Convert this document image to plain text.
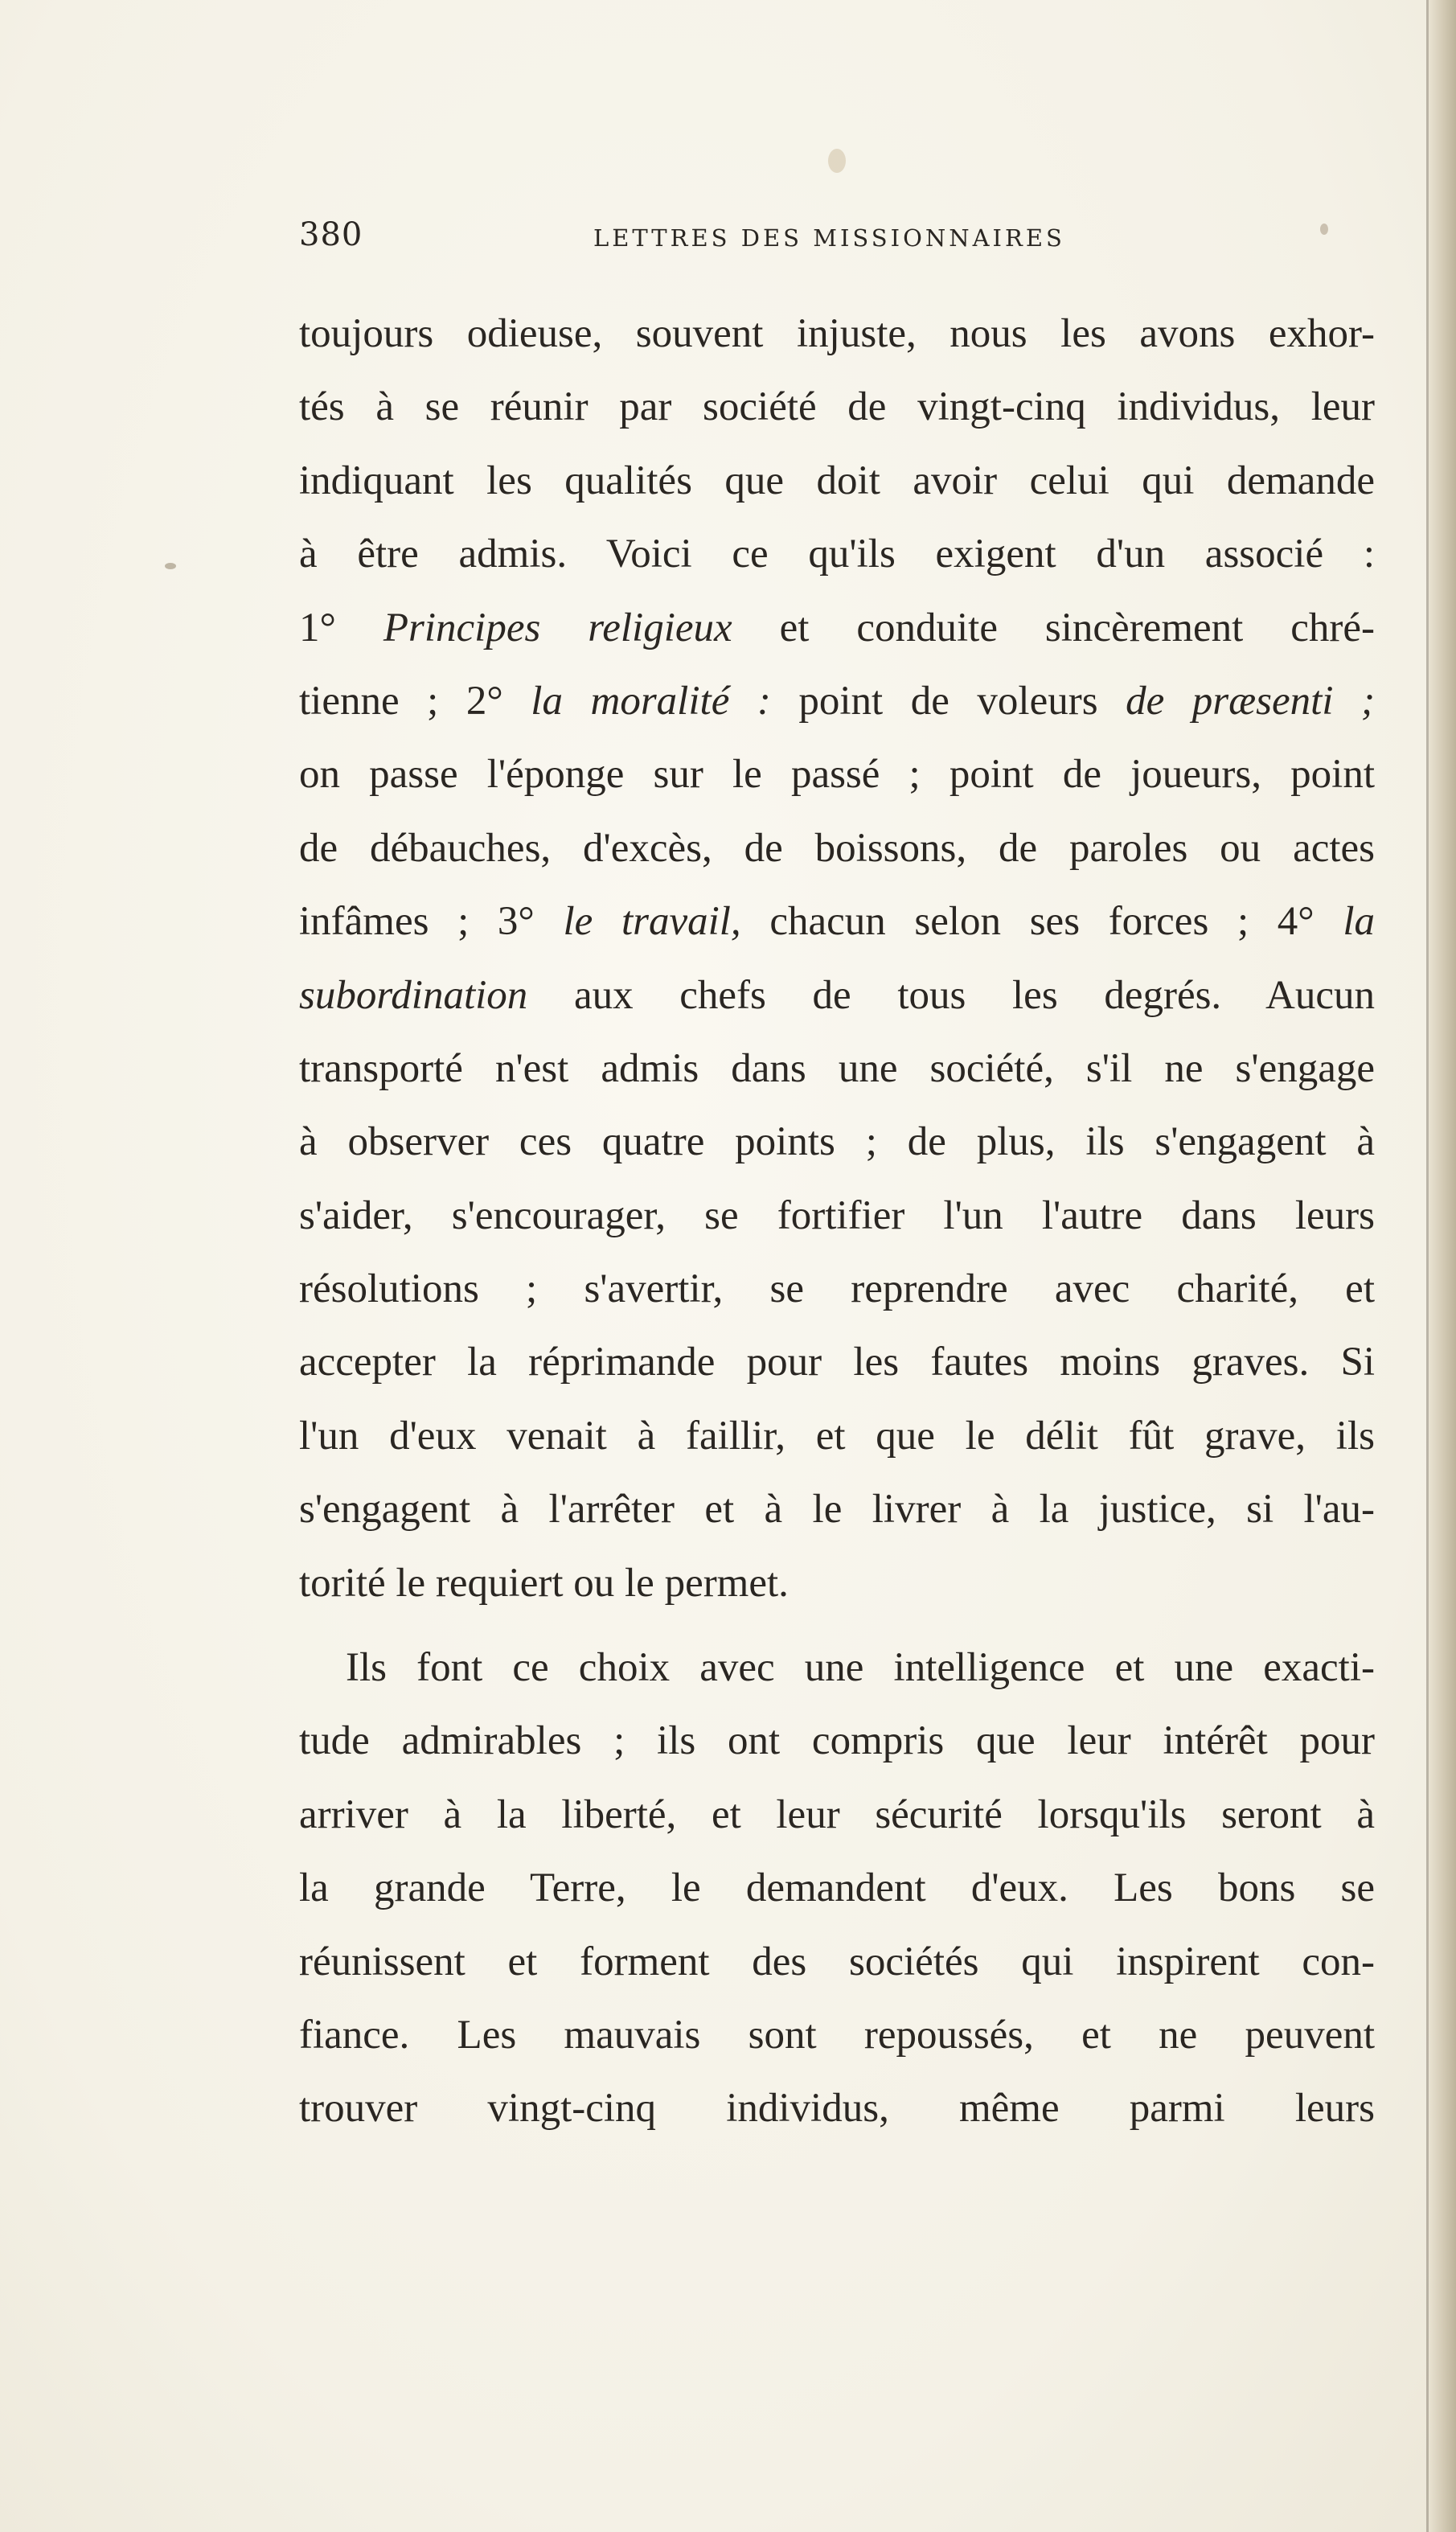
380	LETTRES DES MISSIONNAIRES
toujours odieuse, souvent injuste, nous les avons exhor-
tés à se réunir par société de vingt-cinq individus, leur
indiquant les qualités que doit avoir celui qui demande
à être admis. Voici ce qu'ils exigent d'un associé :
1° Principes religieux et conduite sincèrement chré-
tienne ; 2° la moralité : point de voleurs de præsenti ;
on passe l'éponge sur le passé ; point de joueurs, point
de débauches, d'excès, de boissons, de paroles ou actes
infâmes ; 3° le travail, chacun selon ses forces ; 4° la
subordination aux chefs de tous les degrés. Aucun
transporté n'est admis dans une société, s'il ne s'engage
à observer ces quatre points ; de plus, ils s'engagent à
s'aider, s'encourager, se fortifier l'un l'autre dans leurs
résolutions ; s'avertir, se reprendre avec charité, et
accepter la réprimande pour les fautes moins graves. Si
l'un d'eux venait à faillir, et que le délit fût grave, ils
s'engagent à l'arrêter et à le livrer à la justice, si l'au-
torité le requiert ou le permet.
Ils font ce choix avec une intelligence et une exacti-
tude admirables ; ils ont compris que leur intérêt pour
arriver à la liberté, et leur sécurité lorsqu'ils seront à
la grande Terre, le demandent d'eux. Les bons se
réunissent et forment des sociétés qui inspirent con-
fiance. Les mauvais sont repoussés, et ne peuvent
trouver vingt-cinq individus, même parmi leurs
